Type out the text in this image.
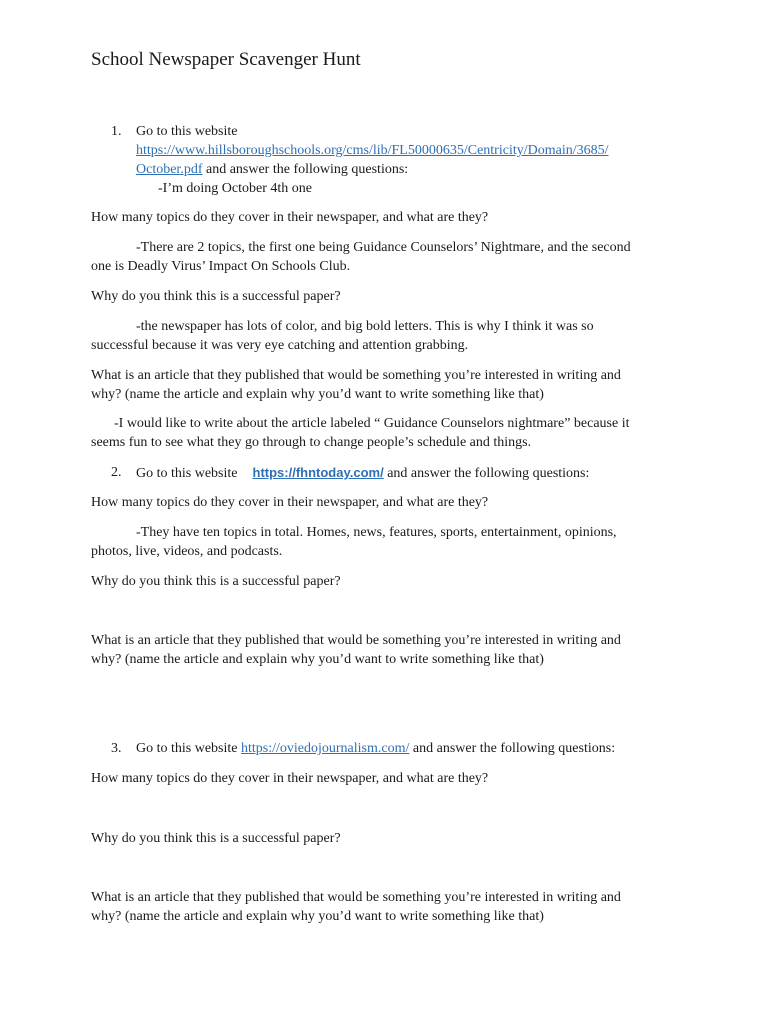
School Newspaper Scavenger Hunt
1. Go to this website
https://www.hillsboroughschools.org/cms/lib/FL50000635/Centricity/Domain/3685/
October.pdf and answer the following questions:
-I’m doing October 4th one
How many topics do they cover in their newspaper, and what are they?
-There are 2 topics, the first one being Guidance Counselors’ Nightmare, and the second
one is Deadly Virus’ Impact On Schools Club.
Why do you think this is a successful paper?
-the newspaper has lots of color, and big bold letters. This is why I think it was so
successful because it was very eye catching and attention grabbing.
What is an article that they published that would be something you’re interested in writing and
why? (name the article and explain why you’d want to write something like that)
-I would like to write about the article labeled “ Guidance Counselors nightmare” because it
seems fun to see what they go through to change people’s schedule and things.
2. Go to this website https://fhntoday.com/ and answer the following questions:
How many topics do they cover in their newspaper, and what are they?
-They have ten topics in total. Homes, news, features, sports, entertainment, opinions,
photos, live, videos, and podcasts.
Why do you think this is a successful paper?
What is an article that they published that would be something you’re interested in writing and
why? (name the article and explain why you’d want to write something like that)
3. Go to this website https://oviedojournalism.com/ and answer the following questions:
How many topics do they cover in their newspaper, and what are they?
Why do you think this is a successful paper?
What is an article that they published that would be something you’re interested in writing and
why? (name the article and explain why you’d want to write something like that)
